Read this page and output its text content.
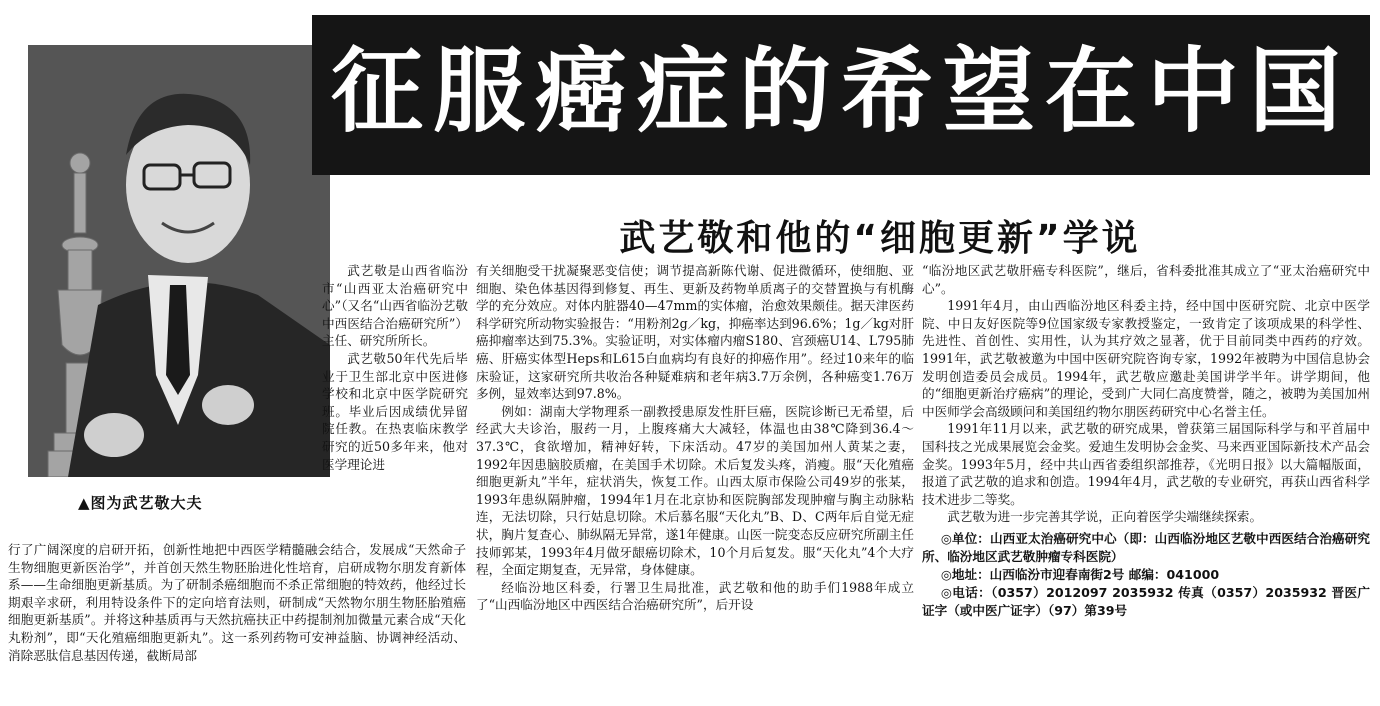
▲图为武艺敬大夫
征服癌症的希望在中国
武艺敬和他的“细胞更新”学说

武艺敬是山西省临汾市“山西亚太治癌研究中心”（又名“山西省临汾艺敬中西医结合治癌研究所”）主任、研究所所长。

武艺敬50年代先后毕业于卫生部北京中医进修学校和北京中医学院研究班。毕业后因成绩优异留院任教。在热衷临床教学研究的近50多年来，他对医学理论进

行了广阔深度的启研开拓，创新性地把中西医学精髓融会结合，发展成“天然命子生物细胞更新医治学”，并首创天然生物胚胎进化性培育，启研成物尔朋发育新体系——生命细胞更新基质。为了研制杀癌细胞而不杀正常细胞的特效药，他经过长期艰辛求研，利用特设条件下的定向培育法则，研制成“天然物尔朋生物胚胎殖癌细胞更新基质”。并将这种基质再与天然抗癌扶正中药提制剂加微量元素合成“天化丸粉剂”，即“天化殖癌细胞更新丸”。这一系列药物可安神益脑、协调神经活动、消除恶肽信息基因传递，截断局部
有关细胞受干扰凝聚恶变信使；调节提高新陈代谢、促进微循环，使细胞、亚细胞、染色体基因得到修复、再生、更新及药物单质离子的交替置换与有机酶学的充分效应。对体内脏器40—47mm的实体瘤，治愈效果颇佳。据天津医药科学研究所动物实验报告：“用粉剂2g／kg，抑癌率达到96.6%；1g／kg对肝癌抑瘤率达到75.3%。实验证明，对实体瘤内瘤S180、宫颈癌U14、L795肺癌、肝癌实体型Heps和L615白血病均有良好的抑癌作用”。经过10来年的临床验证，这家研究所共收治各种疑难病和老年病3.7万余例，各种癌变1.76万多例，显效率达到97.8%。

例如：湖南大学物理系一副教授患原发性肝巨癌，医院诊断已无希望，后经武大夫诊治，服药一月，上腹疼痛大大减轻，体温也由38℃降到36.4～37.3℃，食欲增加，精神好转，下床活动。47岁的美国加州人黄某之妻，1992年因患脑胶质瘤，在美国手术切除。术后复发头疼，消瘦。服“天化殖癌细胞更新丸”半年，症状消失，恢复工作。山西太原市保险公司49岁的张某，1993年患纵隔肿瘤，1994年1月在北京协和医院胸部发现肿瘤与胸主动脉粘连，无法切除，只行姑息切除。术后慕名服“天化丸”B、D、C两年后自觉无症状，胸片复查心、肺纵隔无异常，遂1年健康。山医一院变态反应研究所副主任技师郭某，1993年4月做牙龈癌切除术，10个月后复发。服“天化丸”4个大疗程，全面定期复查，无异常，身体健康。

经临汾地区科委，行署卫生局批准，武艺敬和他的助手们1988年成立了“山西临汾地区中西医结合治癌研究所”，后开设

“临汾地区武艺敬肝癌专科医院”，继后，省科委批准其成立了“亚太治癌研究中心”。

1991年4月，由山西临汾地区科委主持，经中国中医研究院、北京中医学院、中日友好医院等9位国家级专家教授鉴定，一致肯定了该项成果的科学性、先进性、首创性、实用性，认为其疗效之显著，优于目前同类中西药的疗效。1991年，武艺敬被邀为中国中医研究院咨询专家，1992年被聘为中国信息协会发明创造委员会成员。1994年，武艺敬应邀赴美国讲学半年。讲学期间，他的“细胞更新治疗癌病”的理论，受到广大同仁高度赞誉，随之，被聘为美国加州中医师学会高级顾问和美国纽约物尔朋医药研究中心名誉主任。

1991年11月以来，武艺敬的研究成果，曾获第三届国际科学与和平首届中国科技之光成果展览会金奖。爱迪生发明协会金奖、马来西亚国际新技术产品会金奖。1993年5月，经中共山西省委组织部推荐，《光明日报》以大篇幅版面，报道了武艺敬的追求和创造。1994年4月，武艺敬的专业研究，再获山西省科学技术进步二等奖。

武艺敬为进一步完善其学说，正向着医学尖端继续探索。

◎单位：山西亚太治癌研究中心（即：山西临汾地区艺敬中西医结合治癌研究所、临汾地区武艺敬肿瘤专科医院）
◎地址：山西临汾市迎春南街2号 邮编：041000
◎电话：（0357）2012097 2035932 传真（0357）2035932 晋医广证字（或中医广证字）（97）第39号
